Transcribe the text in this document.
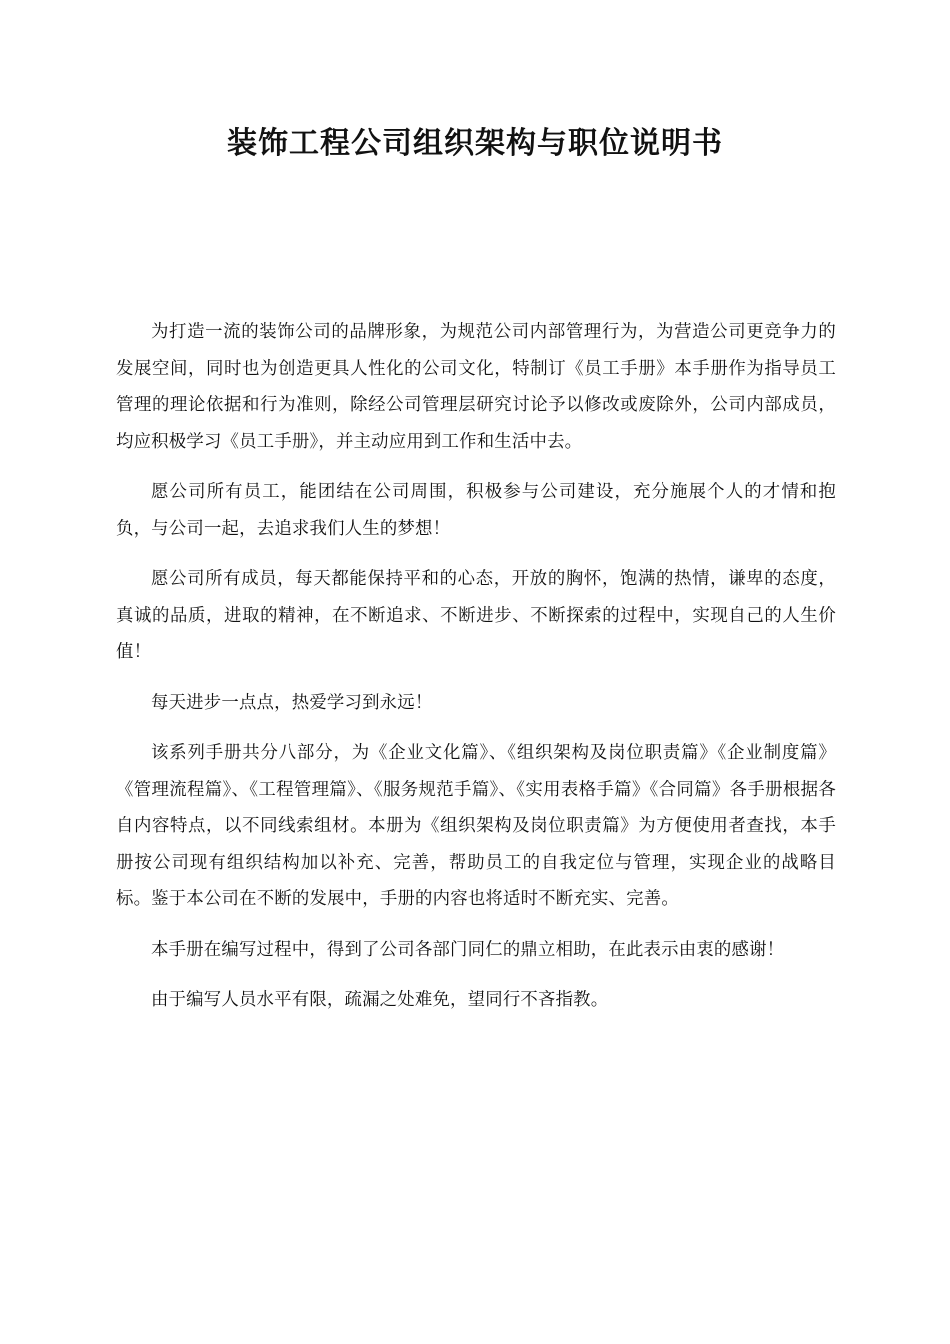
装饰工程公司组织架构与职位说明书

为打造一流的装饰公司的品牌形象，为规范公司内部管理行为，为营造公司更竞争力的发展空间，同时也为创造更具人性化的公司文化，特制订《员工手册》本手册作为指导员工管理的理论依据和行为准则，除经公司管理层研究讨论予以修改或废除外，公司内部成员，均应积极学习《员工手册》，并主动应用到工作和生活中去。

愿公司所有员工，能团结在公司周围，积极参与公司建设，充分施展个人的才情和抱负，与公司一起，去追求我们人生的梦想！

愿公司所有成员，每天都能保持平和的心态，开放的胸怀，饱满的热情，谦卑的态度，真诚的品质，进取的精神，在不断追求、不断进步、不断探索的过程中，实现自己的人生价值！

每天进步一点点，热爱学习到永远！

该系列手册共分八部分，为《企业文化篇》、《组织架构及岗位职责篇》《企业制度篇》《管理流程篇》、《工程管理篇》、《服务规范手篇》、《实用表格手篇》《合同篇》各手册根据各自内容特点，以不同线索组材。本册为《组织架构及岗位职责篇》为方便使用者查找，本手册按公司现有组织结构加以补充、完善，帮助员工的自我定位与管理，实现企业的战略目标。鉴于本公司在不断的发展中，手册的内容也将适时不断充实、完善。

本手册在编写过程中，得到了公司各部门同仁的鼎立相助，在此表示由衷的感谢！

由于编写人员水平有限，疏漏之处难免，望同行不吝指教。
